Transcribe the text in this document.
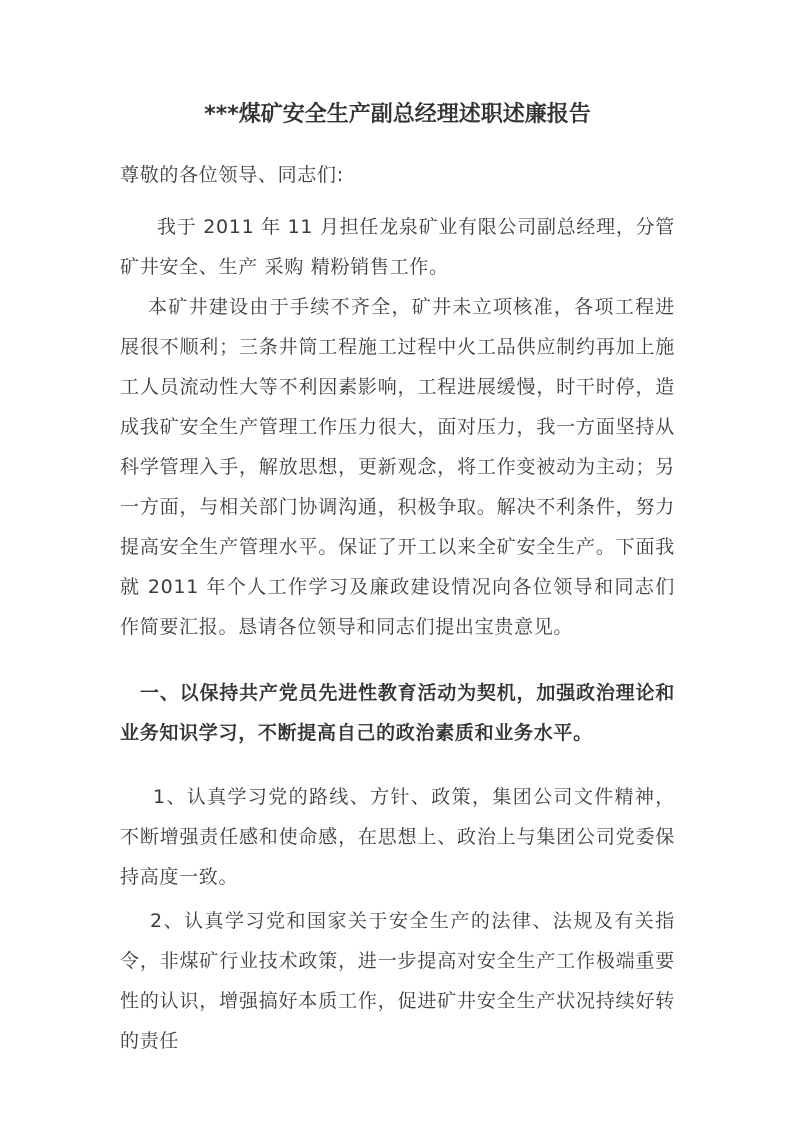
***煤矿安全生产副总经理述职述廉报告

尊敬的各位领导、同志们:

我于 2011 年 11 月担任龙泉矿业有限公司副总经理，分管矿井安全、生产 采购 精粉销售工作。

本矿井建设由于手续不齐全，矿井未立项核准，各项工程进展很不顺利；三条井筒工程施工过程中火工品供应制约再加上施工人员流动性大等不利因素影响，工程进展缓慢，时干时停，造成我矿安全生产管理工作压力很大，面对压力，我一方面坚持从科学管理入手，解放思想，更新观念，将工作变被动为主动；另一方面，与相关部门协调沟通，积极争取。解决不利条件，努力提高安全生产管理水平。保证了开工以来全矿安全生产。下面我就 2011 年个人工作学习及廉政建设情况向各位领导和同志们作简要汇报。恳请各位领导和同志们提出宝贵意见。

一、以保持共产党员先进性教育活动为契机，加强政治理论和业务知识学习，不断提高自己的政治素质和业务水平。

1、认真学习党的路线、方针、政策，集团公司文件精神，不断增强责任感和使命感，在思想上、政治上与集团公司党委保持高度一致。

2、认真学习党和国家关于安全生产的法律、法规及有关指令，非煤矿行业技术政策，进一步提高对安全生产工作极端重要性的认识，增强搞好本质工作，促进矿井安全生产状况持续好转的责任
